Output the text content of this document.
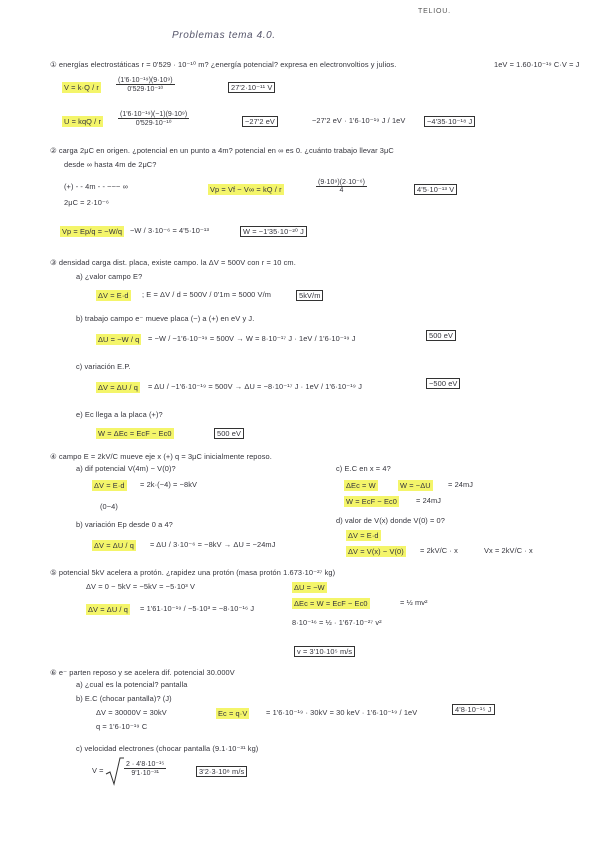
TELIOU.
Problemas tema 4.0.
① energías electrostáticas r = 0'529 · 10⁻¹⁰ m? ¿energía potencial? expresa en electronvoltios y julios.	1eV = 1.60·10⁻¹⁹ C·V = J
V = k·Q / r $\frac{\text{(1'6·10⁻¹⁹)(9·10⁹)}}{\text{0'529·10⁻¹⁰}}$	27'2·10⁻¹¹ V
U = kqQ / r $\frac{\text{(1'6·10⁻¹⁹)(−1)(9·10⁹)}}{\text{0'529·10⁻¹⁰}}$	−27'2 eV	−27'2 eV · 1'6·10⁻¹⁹ J / 1eV	−4'35·10⁻¹⁸ J
② carga 2μC en origen. ¿potencial en un punto a 4m? potencial en ∞ es 0. ¿cuánto trabajo llevar 3μC
desde ∞ hasta 4m de 2μC?
(+) - - 4m - - ~~~ ∞
2μC = 2·10⁻⁶
Vp = Vf − V∞ = kQ / r	$\frac{\text{(9·10⁹)(2·10⁻⁶)}}{4}$	4'5·10⁻¹³ V
Vp = Ep/q = −W/q −W / 3·10⁻⁶ = 4'5·10⁻¹³	W = −1'35·10⁻²⁰ J
③ densidad carga dist. placa, existe campo. la ΔV = 500V con r = 10 cm.
a) ¿valor campo E?
ΔV = E·d ; E = ΔV / d = 500V / 0'1m = 5000 V/m	5kV/m
b) trabajo campo e⁻ mueve placa (−) a (+) en eV y J.
ΔU = −W / q = −W / −1'6·10⁻¹⁹ = 500V → W = 8·10⁻¹⁷ J · 1eV / 1'6·10⁻¹⁹ J	500 eV
c) variación E.P.
ΔV = ΔU / q = ΔU / −1'6·10⁻¹⁹ = 500V → ΔU = −8·10⁻¹⁷ J · 1eV / 1'6·10⁻¹⁹ J	−500 eV
e) Ec llega a la placa (+)?
W = ΔEc = EcF − Ec0	500 eV
④ campo E = 2kV/C mueve eje x (+) q = 3μC inicialmente reposo.
a) dif potencial V(4m) − V(0)?
ΔV = E·d = 2k·(−4) = −8kV
(0−4)
b) variación Ep desde 0 a 4?
ΔV = ΔU / q = ΔU / 3·10⁻⁶ = −8kV → ΔU = −24mJ
c) E.C en x = 4?
ΔEc = W	W = −ΔU = 24mJ
W = EcF − Ec0	= 24mJ
d) valor de V(x) donde V(0) = 0?
ΔV = E·d
ΔV = V(x) − V(0) = 2kV/C · x	Vx = 2kV/C · x
⑤ potencial 5kV acelera a protón. ¿rapidez una protón (masa protón 1.673·10⁻²⁷ kg)
ΔV = 0 − 5kV = −5kV = −5·10³ V	ΔU = −W
ΔV = ΔU / q = 1'61·10⁻¹⁹ / −5·10³ = −8·10⁻¹⁶ J
ΔEc = W = EcF − Ec0	= ½ mv²
8·10⁻¹⁶ = ½ · 1'67·10⁻²⁷ v²
v = 3'10·10⁵ m/s
⑥ e⁻ parten reposo y se acelera dif. potencial 30.000V
a) ¿cual es la potencial? pantalla
b) E.C (chocar pantalla)? (J)
ΔV = 30000V = 30kV
q = 1'6·10⁻¹⁹ C
Ec = q·V	= 1'6·10⁻¹⁹ · 30kV = 30 keV · 1'6·10⁻¹⁹ / 1eV	4'8·10⁻¹⁵ J
c) velocidad electrones (chocar pantalla (9.1·10⁻³¹ kg)
V =	$\frac{\text{2 · 4'8·10⁻¹⁵}}{\text{9'1·10⁻³¹}}$	3'2·3·10⁸ m/s
